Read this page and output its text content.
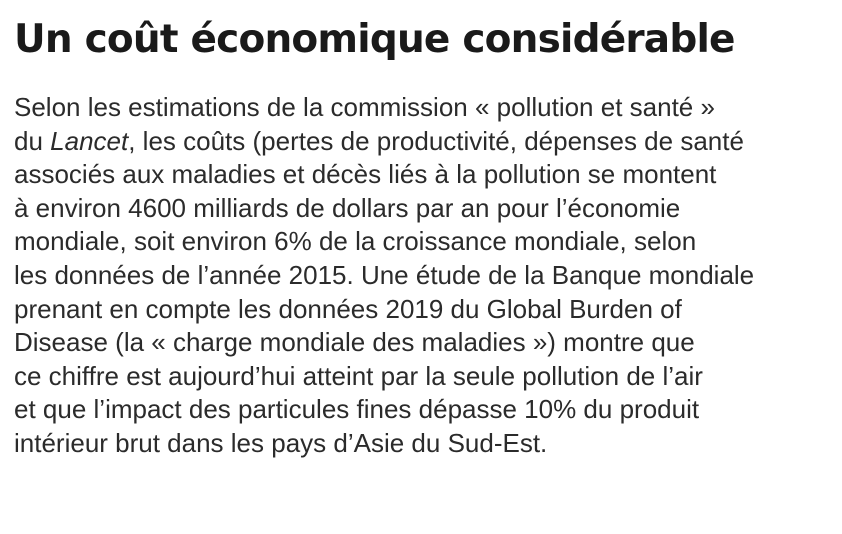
Un coût économique considérable
Selon les estimations de la commission « pollution et santé »
du Lancet, les coûts (pertes de productivité, dépenses de santé
associés aux maladies et décès liés à la pollution se montent
à environ 4600 milliards de dollars par an pour l’économie
mondiale, soit environ 6% de la croissance mondiale, selon
les données de l’année 2015. Une étude de la Banque mondiale
prenant en compte les données 2019 du Global Burden of
Disease (la « charge mondiale des maladies ») montre que
ce chiffre est aujourd’hui atteint par la seule pollution de l’air
et que l’impact des particules fines dépasse 10% du produit
intérieur brut dans les pays d’Asie du Sud-Est.
